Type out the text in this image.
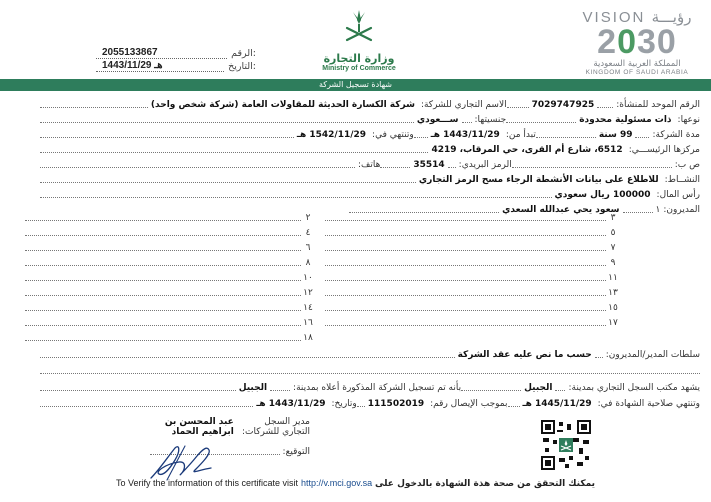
VISION رؤيـــة
2030
المملكة العربية السعودية
KINGDOM OF SAUDI ARABIA
وزارة التجارة
Ministry of Commerce
الرقم:
2055133867
التاريخ:
1443/11/29 هـ
شهادة تسجيل الشركة
الرقم الموحد للمنشأة:
7029747925
الاسم التجاري للشركة:
شركة الكسارة الحديثة للمقاولات العامة (شركة شخص واحد)
نوعها:
ذات مسئولية محدودة
جنسيتها:
ســـعودي
مدة الشركة:
99 سنة
تبدأ من:
1443/11/29 هـ
وتنتهي في:
1542/11/29 هـ
مركزها الرئيســـي:
6512، شارع أم القرى، حي المرقاب، 4219
ص ب:
الرمز البريدي:
35514
هاتف:
النشــاط:
للاطلاع على بيانات الأنشطة الرجاء مسح الرمز التجاري
رأس المال:
100000 ريال سعودي
المديرون:
١
سعود يحي عبدالله السعدي
٣
٥
٧
٩
١١
١٣
١٥
١٧
٢
٤
٦
٨
١٠
١٢
١٤
١٦
١٨
سلطات المدير/المديرون:
حسب ما نص عليه عقد الشركة
يشهد مكتب السجل التجاري بمدينة:
الجبيل
بأنه تم تسجيل الشركة المذكورة أعلاه بمدينة:
الجبيل
وتنتهي صلاحية الشهادة في:
1445/11/29 هـ
بموجب الإيصال رقم:
111502019
وتاريخ:
1443/11/29 هـ
مدير السجل التجاري للشركات:
عبد المحسن بن ابراهيم الحماد
التوقيع:
To Verify the information of this certificate visit http://v.mci.gov.sa يمكنك التحقق من صحة هذة الشهادة بالدخول على
